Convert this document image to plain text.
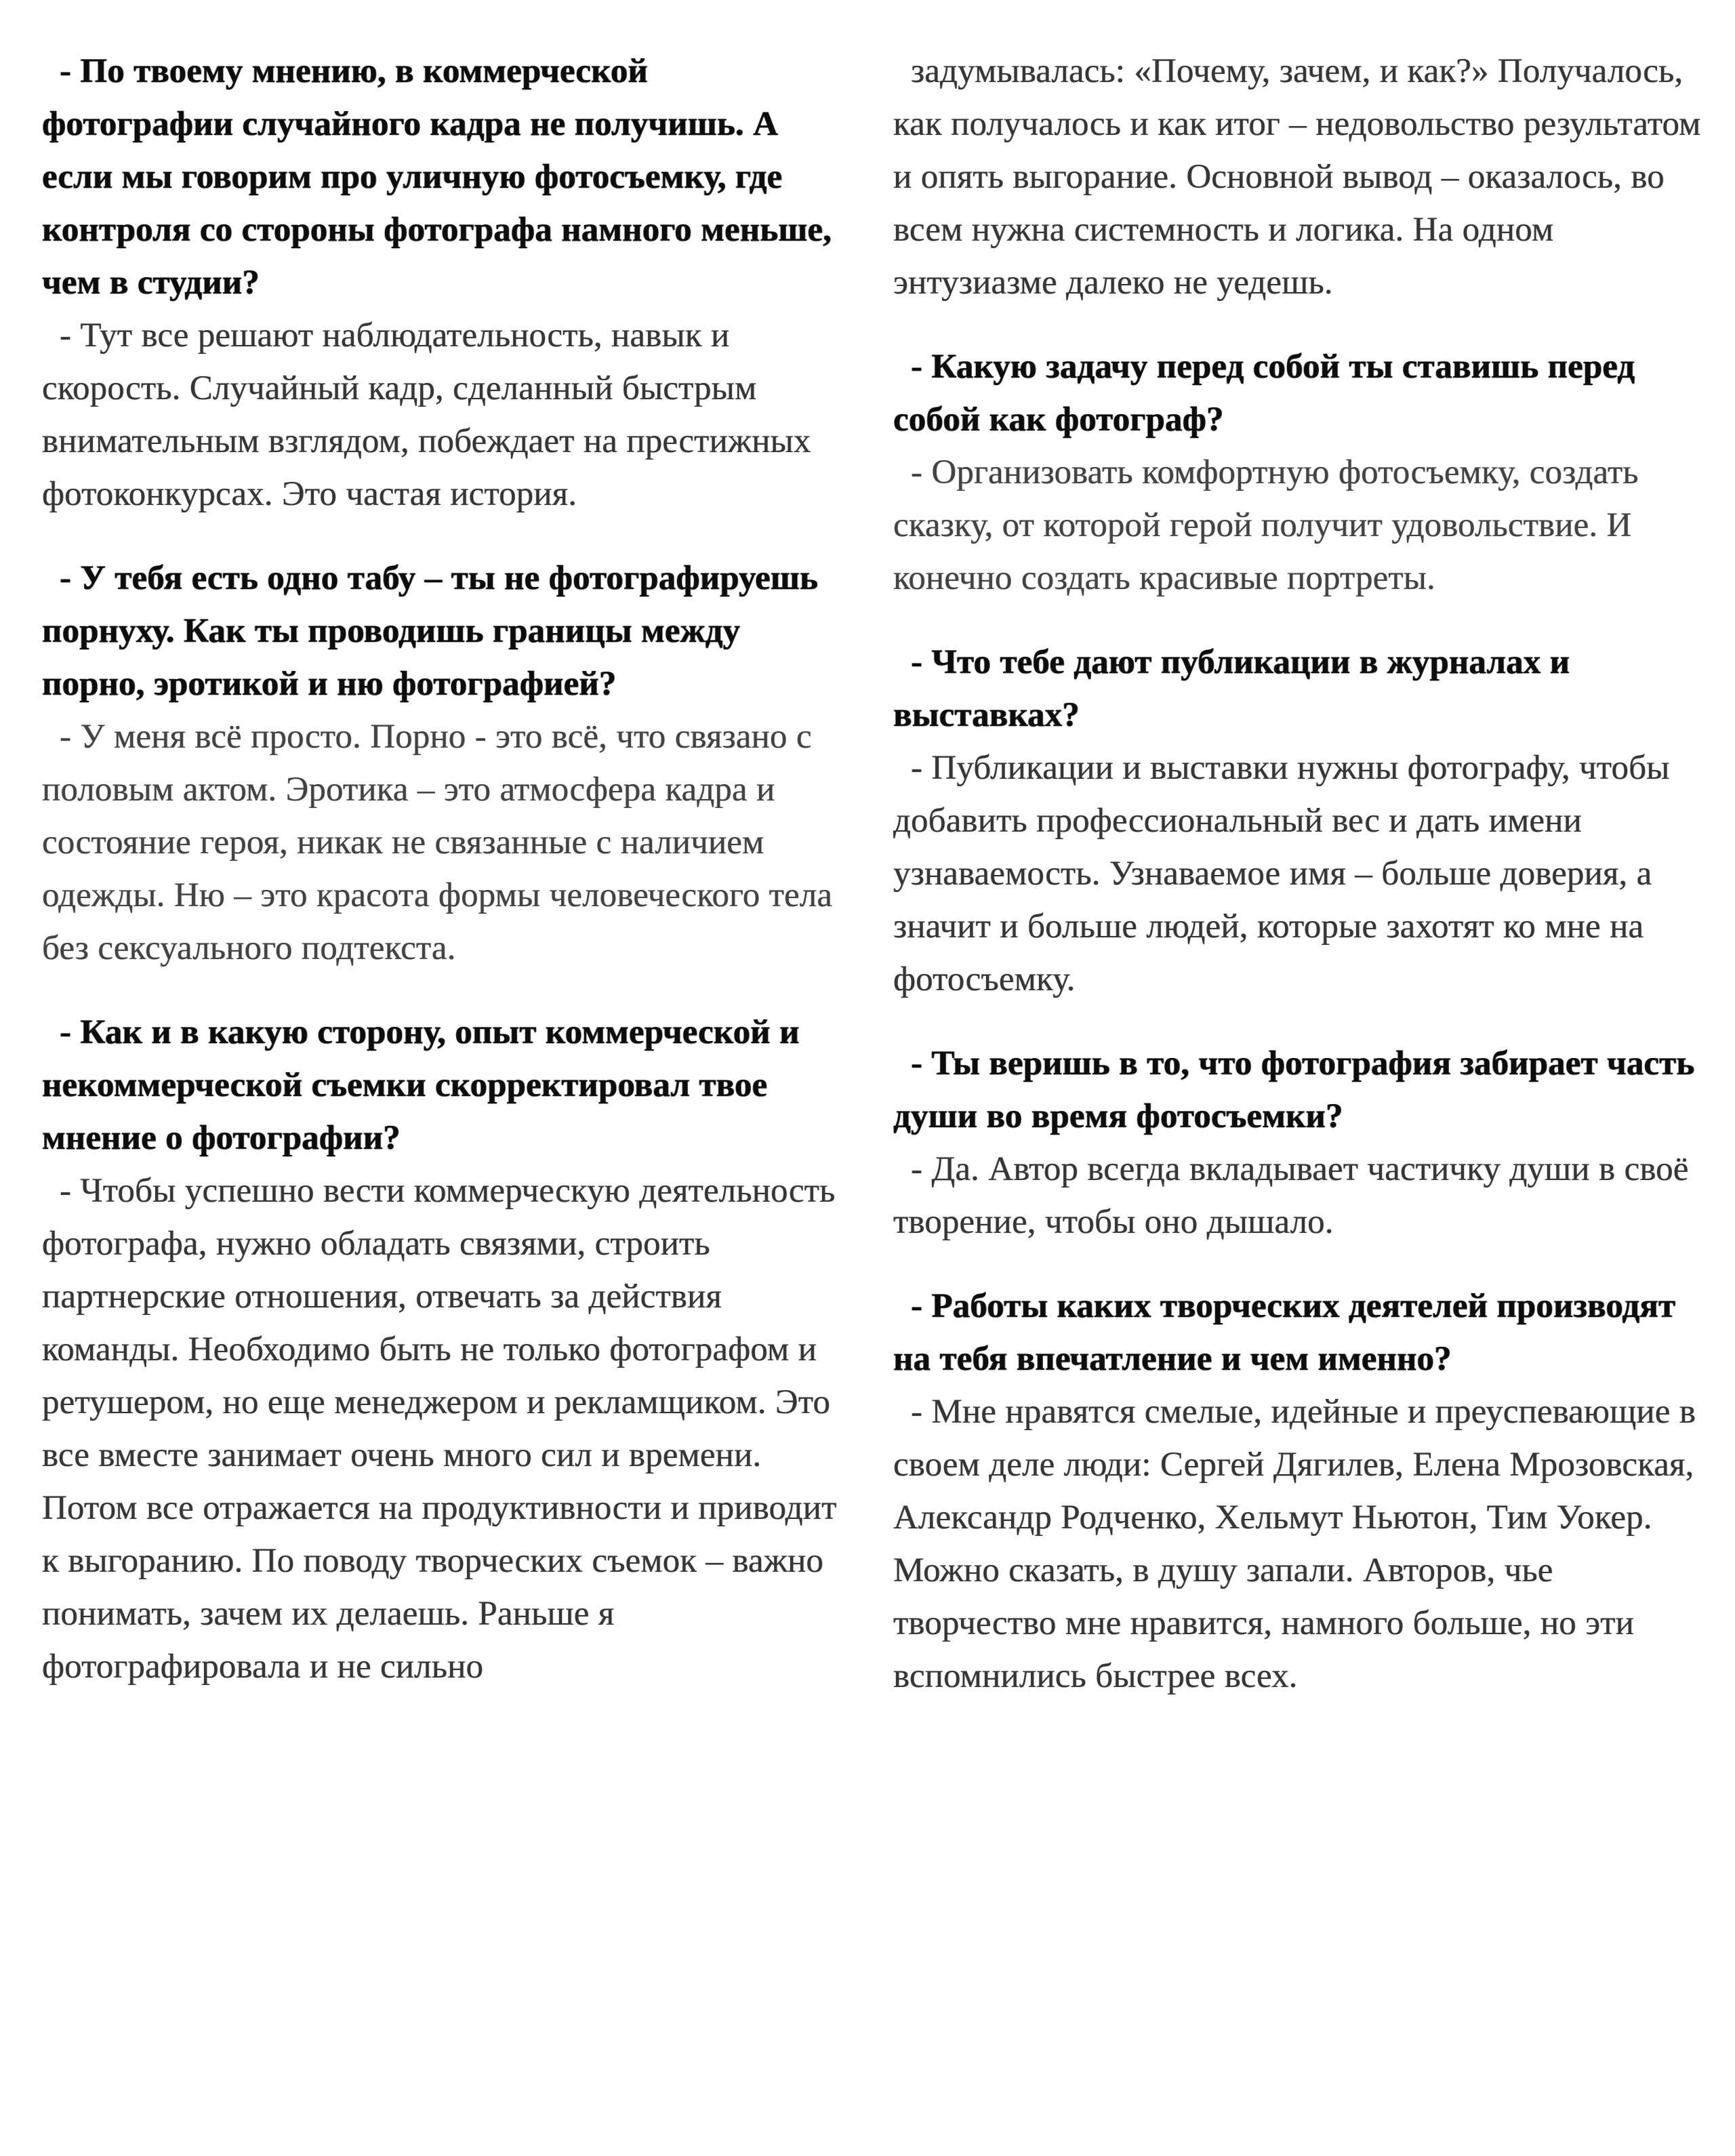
- По твоему мнению, в коммерческой фотографии случайного кадра не получишь. А если мы говорим про уличную фотосъемку, где контроля со стороны фотографа намного меньше, чем в студии?

- Тут все решают наблюдательность, навык и скорость. Случайный кадр, сделанный быстрым внимательным взглядом, побеждает на престижных фотоконкурсах. Это частая история.

- У тебя есть одно табу – ты не фотографируешь порнуху. Как ты проводишь границы между порно, эротикой и ню фотографией?

- У меня всё просто. Порно - это всё, что связано с половым актом. Эротика – это атмосфера кадра и состояние героя, никак не связанные с наличием одежды. Ню – это красота формы человеческого тела без сексуального подтекста.

- Как и в какую сторону, опыт коммерческой и некоммерческой съемки скорректировал твое мнение о фотографии?

- Чтобы успешно вести коммерческую деятельность фотографа, нужно обладать связями, строить партнерские отношения, отвечать за действия команды. Необходимо быть не только фотографом и ретушером, но еще менеджером и рекламщиком. Это все вместе занимает очень много сил и времени. Потом все отражается на продуктивности и приводит к выгоранию. По поводу творческих съемок – важно понимать, зачем их делаешь. Раньше я фотографировала и не сильно

задумывалась: «Почему, зачем, и как?» Получалось, как получалось и как итог – недовольство результатом и опять выгорание. Основной вывод – оказалось, во всем нужна системность и логика. На одном энтузиазме далеко не уедешь.

- Какую задачу перед собой ты ставишь перед собой как фотограф?

- Организовать комфортную фотосъемку, создать сказку, от которой герой получит удовольствие. И конечно создать красивые портреты.

- Что тебе дают публикации в журналах и выставках?

- Публикации и выставки нужны фотографу, чтобы добавить профессиональный вес и дать имени узнаваемость. Узнаваемое имя – больше доверия, а значит и больше людей, которые захотят ко мне на фотосъемку.

- Ты веришь в то, что фотография забирает часть души во время фотосъемки?

- Да. Автор всегда вкладывает частичку души в своё творение, чтобы оно дышало.

- Работы каких творческих деятелей производят на тебя впечатление и чем именно?

- Мне нравятся смелые, идейные и преуспевающие в своем деле люди: Сергей Дягилев, Елена Мрозовская, Александр Родченко, Хельмут Ньютон, Тим Уокер. Можно сказать, в душу запали. Авторов, чье творчество мне нравится, намного больше, но эти вспомнились быстрее всех.
